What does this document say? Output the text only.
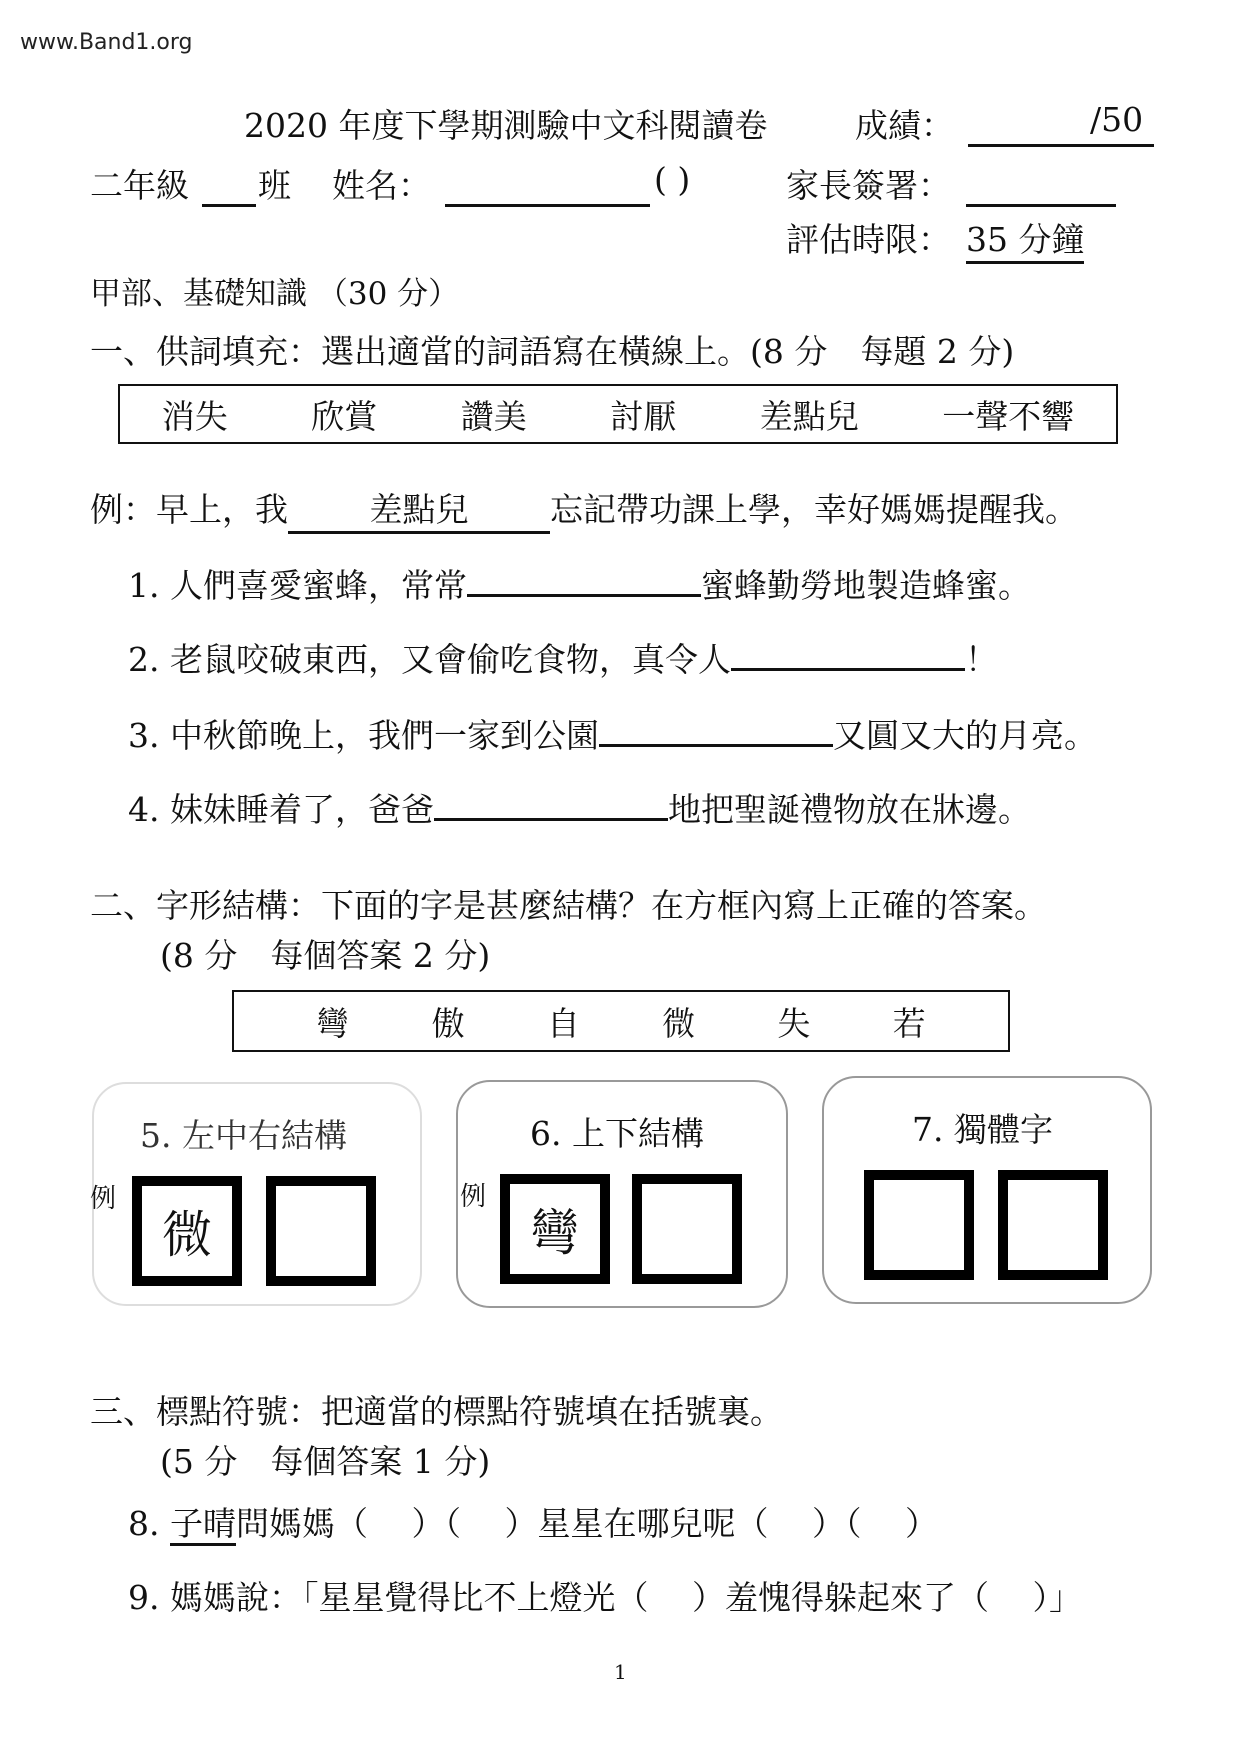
www.Band1.org
2020 年度下學期測驗中文科閱讀卷	成績：	/50
二年級 班 姓名：	( )	家長簽署：
評估時限： 35 分鐘
甲部、基礎知識 （30 分）
一、供詞填充：選出適當的詞語寫在橫線上。(8 分　每題 2 分)
消失	欣賞	讚美	討厭	差點兒	一聲不響
例：早上，我 差點兒 忘記帶功課上學，幸好媽媽提醒我。
1. 人們喜愛蜜蜂，常常	蜜蜂勤勞地製造蜂蜜。
2. 老鼠咬破東西，又會偷吃食物，真令人	！
3. 中秋節晚上，我們一家到公園	又圓又大的月亮。
4. 妹妹睡着了，爸爸	地把聖誕禮物放在牀邊。
二、字形結構：下面的字是甚麼結構？在方框內寫上正確的答案。
(8 分　每個答案 2 分)
彎 傲 自 微 失 若
5. 左中右結構
例
微
6. 上下結構
例
彎
7. 獨體字
三、標點符號：把適當的標點符號填在括號裏。
(5 分　每個答案 1 分)
8. 子晴問媽媽（　 ）（　 ）星星在哪兒呢（　 ）（　 ）
9. 媽媽說：「星星覺得比不上燈光（　 ）羞愧得躲起來了（　 ）」
1
